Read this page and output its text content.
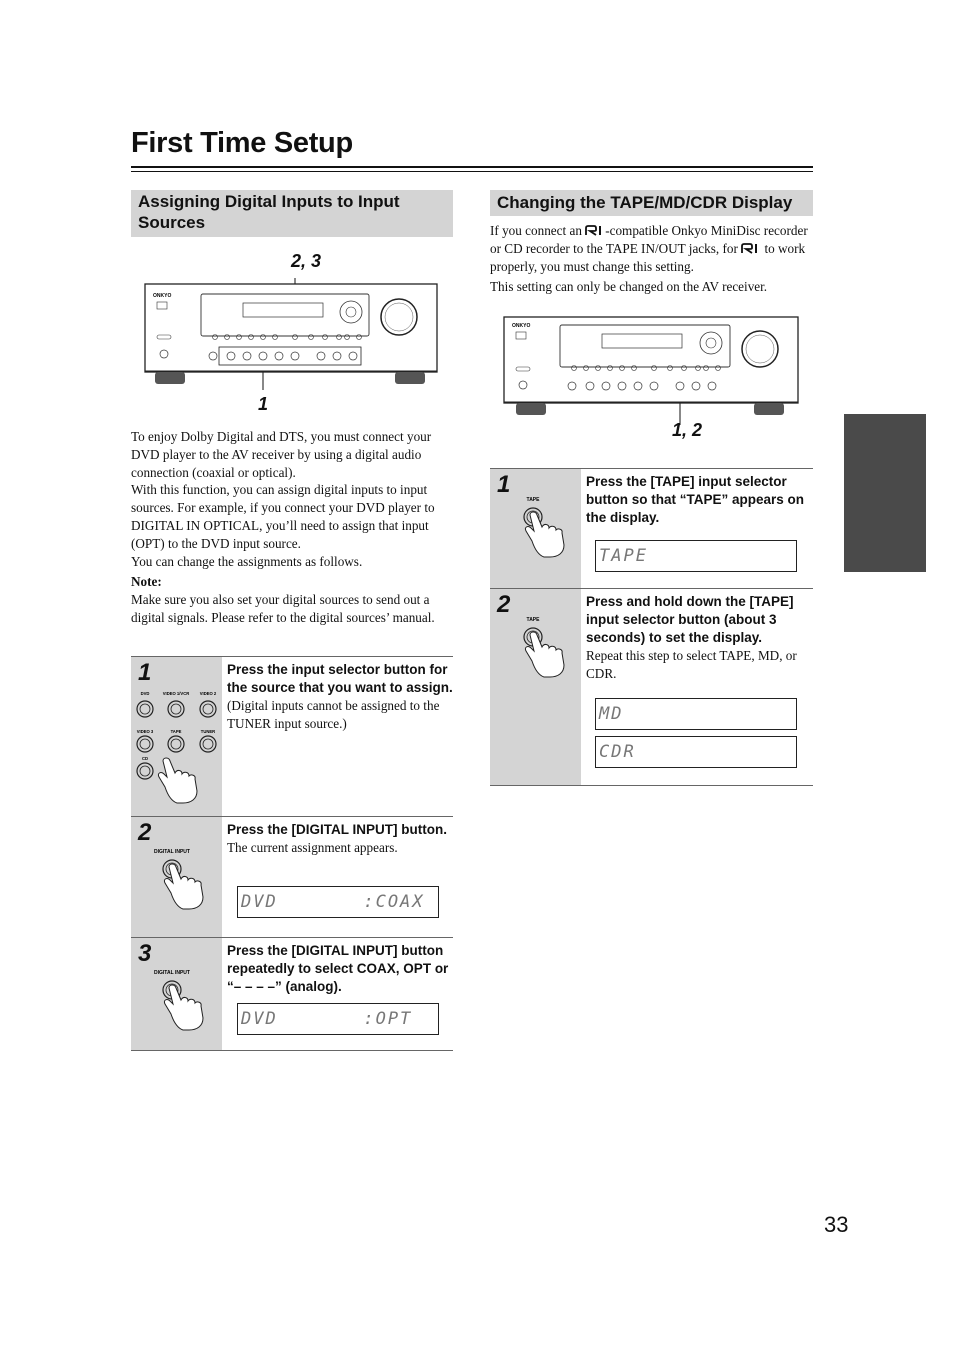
First Time Setup
Assigning Digital Inputs to Input Sources
2, 3
1
ONKYO

To enjoy Dolby Digital and DTS, you must connect your DVD player to the AV receiver by using a digital audio connection (coaxial or optical).

With this function, you can assign digital inputs to input sources. For example, if you connect your DVD player to DIGITAL IN OPTICAL, you’ll need to assign that input (OPT) to the DVD input source.

You can change the assignments as follows.

Note:

Make sure you also set your digital sources to send out a digital signals. Please refer to the digital sources’ manual.

1
DVD	VIDEO 1/VCR VIDEO 2
VIDEO 3	TAPE	TUNER
CD
Press the input selector button for the source that you want to assign.
(Digital inputs cannot be assigned to the TUNER input source.)
2
DIGITAL INPUT
Press the [DIGITAL INPUT] button.
The current assignment appears.
DVD       :COAX
3
DIGITAL INPUT
Press the [DIGITAL INPUT] button repeatedly to select COAX, OPT or “– – – –” (analog).
DVD       :OPT
Changing the TAPE/MD/CDR Display

If you connect an -compatible Onkyo MiniDisc recorder or CD recorder to the TAPE IN/OUT jacks, for to work properly, you must change this setting.

This setting can only be changed on the AV receiver.

ONKYO
1, 2
1
TAPE
Press the [TAPE] input selector button so that “TAPE” appears on the display.
TAPE
2
TAPE
Press and hold down the [TAPE] input selector button (about 3 seconds) to set the display.
Repeat this step to select TAPE, MD, or CDR.
MD
CDR
33
